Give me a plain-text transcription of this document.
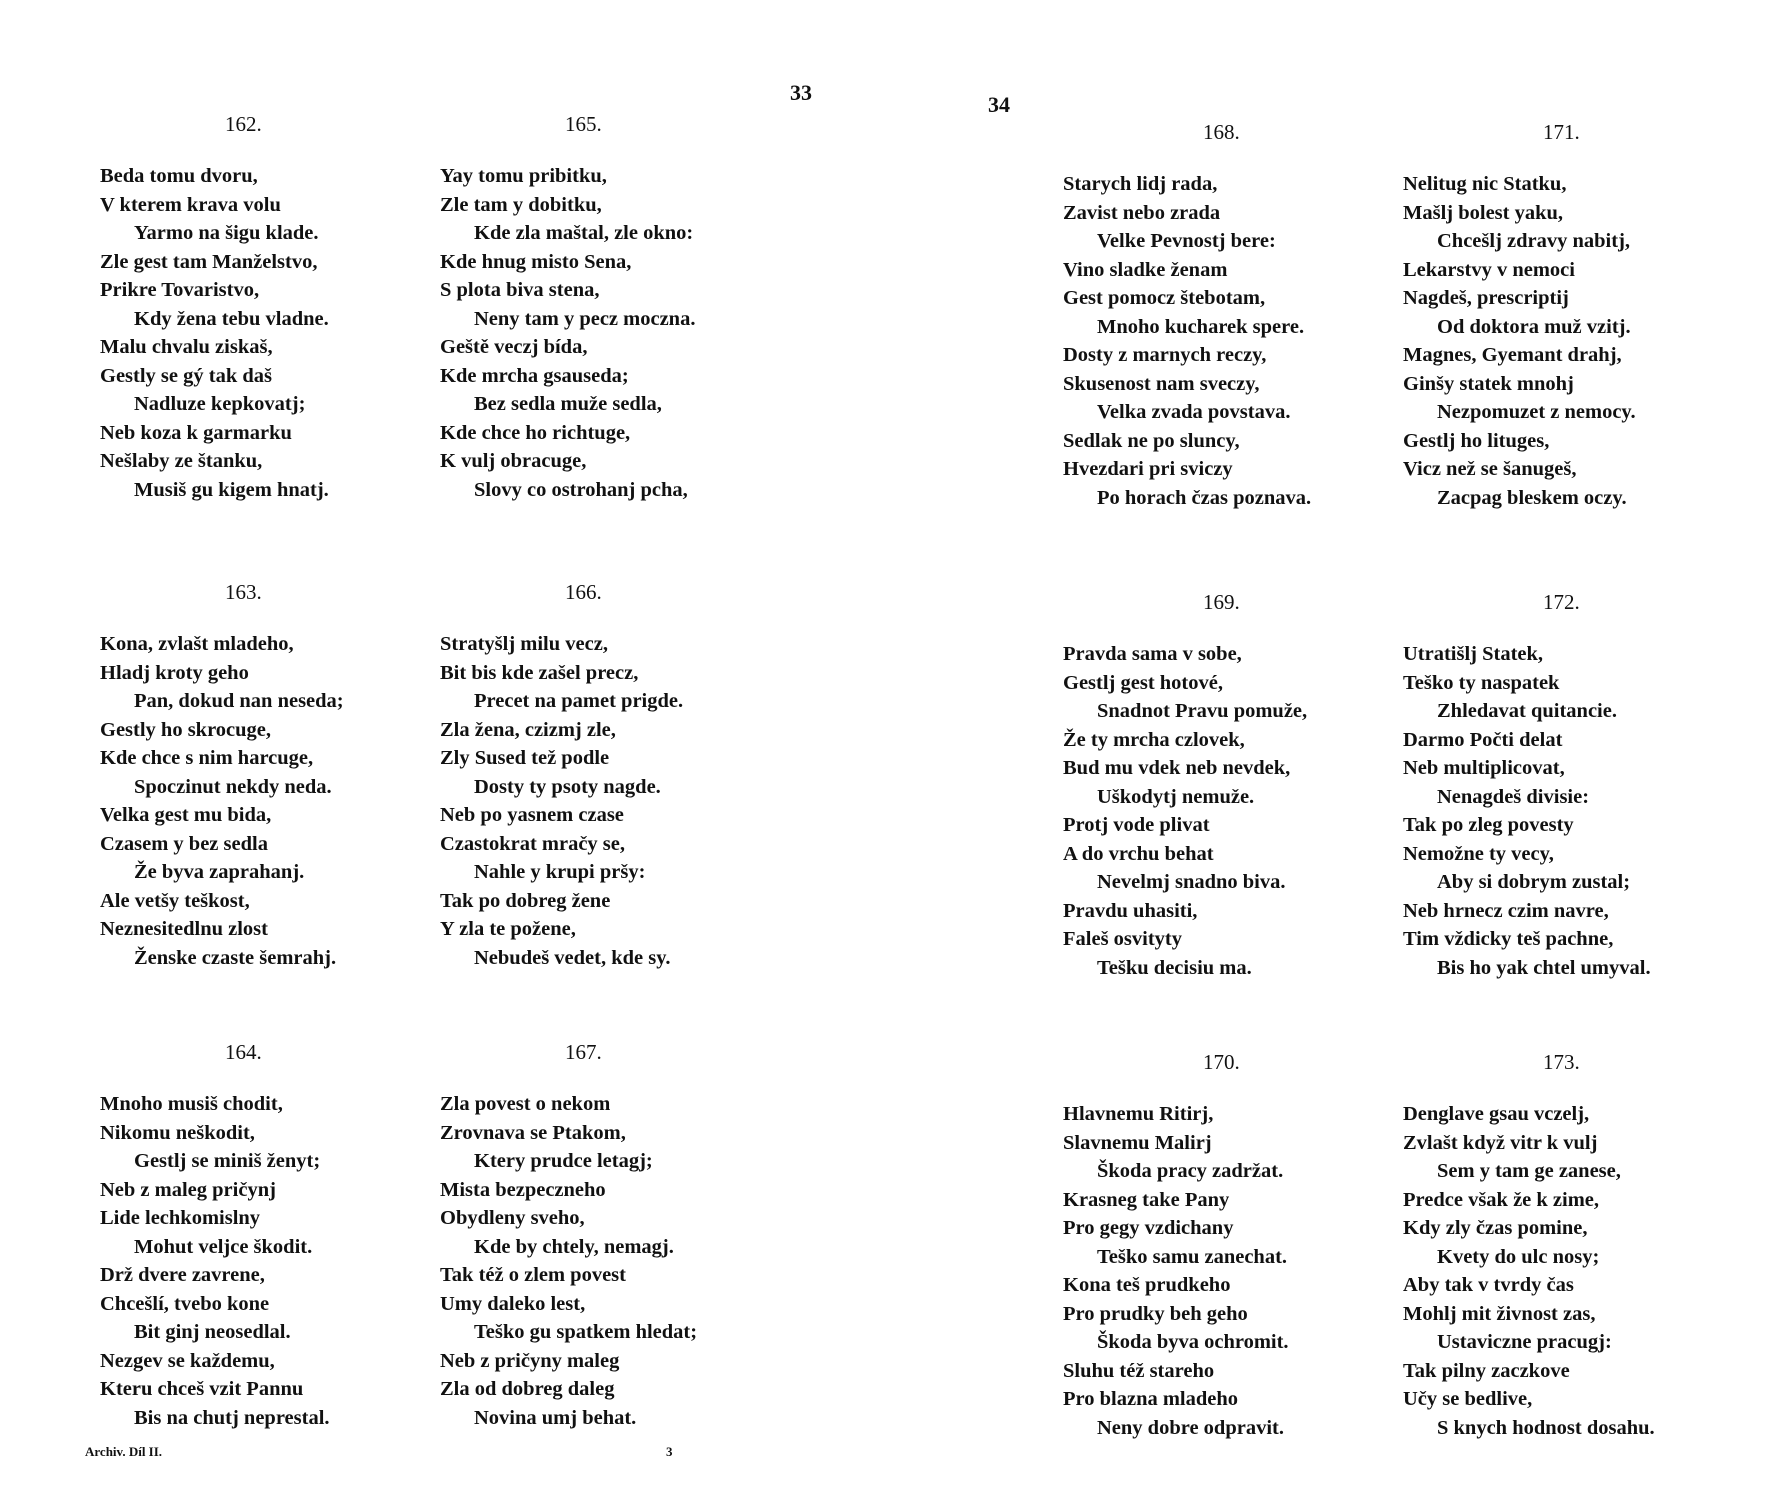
33
162.
Beda tomu dvoru,
V kterem krava volu
Yarmo na šigu klade.
Zle gest tam Manželstvo,
Prikre Tovaristvo,
Kdy žena tebu vladne.
Malu chvalu ziskaš,
Gestly se gý tak daš
Nadluze kepkovatj;
Neb koza k garmarku
Nešlaby ze štanku,
Musiš gu kigem hnatj.
165.
Yay tomu pribitku,
Zle tam y dobitku,
Kde zla maštal, zle okno:
Kde hnug misto Sena,
S plota biva stena,
Neny tam y pecz moczna.
Geště veczj bída,
Kde mrcha gsauseda;
Bez sedla muže sedla,
Kde chce ho richtuge,
K vulj obracuge,
Slovy co ostrohanj pcha,
163.
Kona, zvlašt mladeho,
Hladj kroty geho
Pan, dokud nan neseda;
Gestly ho skrocuge,
Kde chce s nim harcuge,
Spoczinut nekdy neda.
Velka gest mu bida,
Czasem y bez sedla
Že byva zaprahanj.
Ale vetšy teškost,
Neznesitedlnu zlost
Ženske czaste šemrahj.
166.
Stratyšlj milu vecz,
Bit bis kde zašel precz,
Precet na pamet prigde.
Zla žena, czizmj zle,
Zly Sused tež podle
Dosty ty psoty nagde.
Neb po yasnem czase
Czastokrat mračy se,
Nahle y krupi pršy:
Tak po dobreg žene
Y zla te požene,
Nebudeš vedet, kde sy.
164.
Mnoho musiš chodit,
Nikomu neškodit,
Gestlj se miniš ženyt;
Neb z maleg pričynj
Lide lechkomislny
Mohut veljce škodit.
Drž dvere zavrene,
Chcešlí, tvebo kone
Bit ginj neosedlal.
Nezgev se každemu,
Kteru chceš vzit Pannu
Bis na chutj neprestal.
167.
Zla povest o nekom
Zrovnava se Ptakom,
Ktery prudce letagj;
Mista bezpeczneho
Obydleny sveho,
Kde by chtely, nemagj.
Tak též o zlem povest
Umy daleko lest,
Teško gu spatkem hledat;
Neb z pričyny maleg
Zla od dobreg daleg
Novina umj behat.
Archiv. Díl II.	3
34
168.
Starych lidj rada,
Zavist nebo zrada
Velke Pevnostj bere:
Vino sladke ženam
Gest pomocz štebotam,
Mnoho kucharek spere.
Dosty z marnych reczy,
Skusenost nam sveczy,
Velka zvada povstava.
Sedlak ne po sluncy,
Hvezdari pri sviczy
Po horach čzas poznava.
171.
Nelitug nic Statku,
Mašlj bolest yaku,
Chcešlj zdravy nabitj,
Lekarstvy v nemoci
Nagdeš, prescriptij
Od doktora muž vzitj.
Magnes, Gyemant drahj,
Ginšy statek mnohj
Nezpomuzet z nemocy.
Gestlj ho lituges,
Vicz než se šanugeš,
Zacpag bleskem oczy.
169.
Pravda sama v sobe,
Gestlj gest hotové,
Snadnot Pravu pomuže,
Že ty mrcha czlovek,
Bud mu vdek neb nevdek,
Uškodytj nemuže.
Protj vode plivat
A do vrchu behat
Nevelmj snadno biva.
Pravdu uhasiti,
Faleš osvityty
Tešku decisiu ma.
172.
Utratišlj Statek,
Teško ty naspatek
Zhledavat quitancie.
Darmo Počti delat
Neb multiplicovat,
Nenagdeš divisie:
Tak po zleg povesty
Nemožne ty vecy,
Aby si dobrym zustal;
Neb hrnecz czim navre,
Tim vždicky teš pachne,
Bis ho yak chtel umyval.
170.
Hlavnemu Ritirj,
Slavnemu Malirj
Škoda pracy zadržat.
Krasneg take Pany
Pro gegy vzdichany
Teško samu zanechat.
Kona teš prudkeho
Pro prudky beh geho
Škoda byva ochromit.
Sluhu též stareho
Pro blazna mladeho
Neny dobre odpravit.
173.
Denglave gsau vczelj,
Zvlašt když vitr k vulj
Sem y tam ge zanese,
Predce však že k zime,
Kdy zly čzas pomine,
Kvety do ulc nosy;
Aby tak v tvrdy čas
Mohlj mit živnost zas,
Ustaviczne pracugj:
Tak pilny zaczkove
Učy se bedlive,
S knych hodnost dosahu.
